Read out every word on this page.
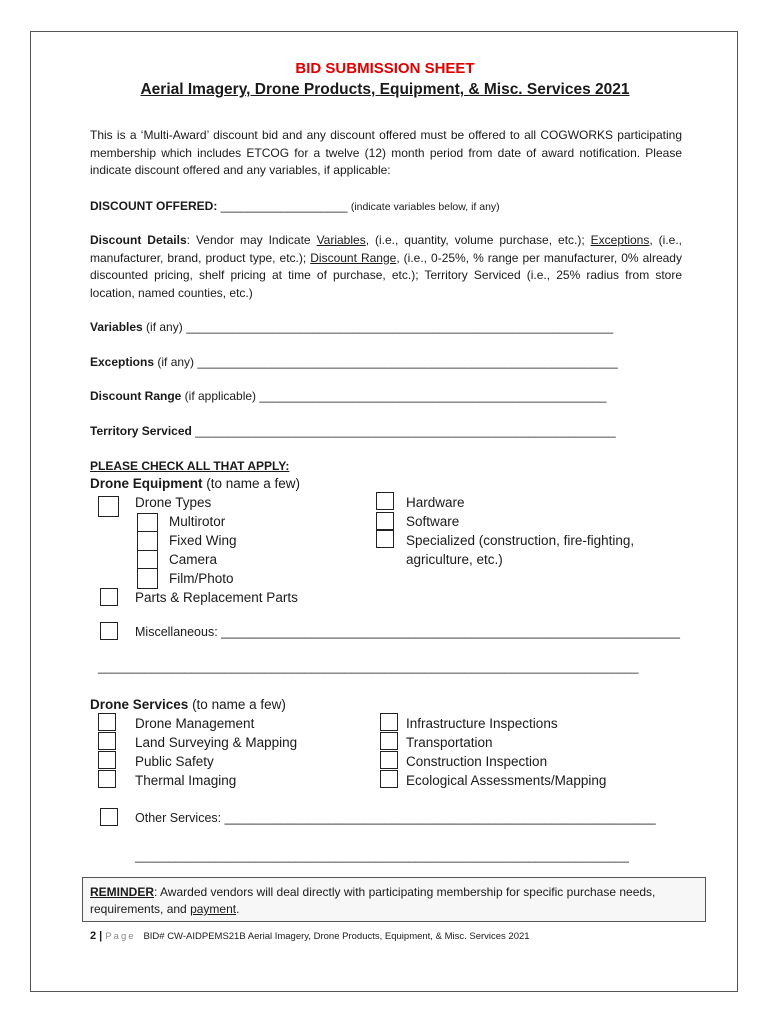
BID SUBMISSION SHEET
Aerial Imagery, Drone Products, Equipment, & Misc. Services 2021
This is a ‘Multi-Award’ discount bid and any discount offered must be offered to all COGWORKS participating membership which includes ETCOG for a twelve (12) month period from date of award notification. Please indicate discount offered and any variables, if applicable:
DISCOUNT OFFERED: ___________________ (indicate variables below, if any)
Discount Details: Vendor may Indicate Variables, (i.e., quantity, volume purchase, etc.); Exceptions, (i.e., manufacturer, brand, product type, etc.); Discount Range, (i.e., 0-25%, % range per manufacturer, 0% already discounted pricing, shelf pricing at time of purchase, etc.); Territory Serviced (i.e., 25% radius from store location, named counties, etc.)
Variables (if any) ________________________________________________________________
Exceptions (if any) _______________________________________________________________
Discount Range (if applicable) ____________________________________________________
Territory Serviced _______________________________________________________________
PLEASE CHECK ALL THAT APPLY:
Drone Equipment (to name a few)
Drone Types
Multirotor
Fixed Wing
Camera
Film/Photo
Parts & Replacement Parts
Hardware
Software
Specialized (construction, fire-fighting,
agriculture, etc.)
Miscellaneous: __________________________________________________________________
_________________________________________________________________________________
Drone Services (to name a few)
Drone Management
Land Surveying & Mapping
Public Safety
Thermal Imaging
Infrastructure Inspections
Transportation
Construction Inspection
Ecological Assessments/Mapping
Other Services: ______________________________________________________________
__________________________________________________________________________
REMINDER: Awarded vendors will deal directly with participating membership for specific purchase needs, requirements, and payment.
2 | Page BID# CW-AIDPEMS21B Aerial Imagery, Drone Products, Equipment, & Misc. Services 2021
